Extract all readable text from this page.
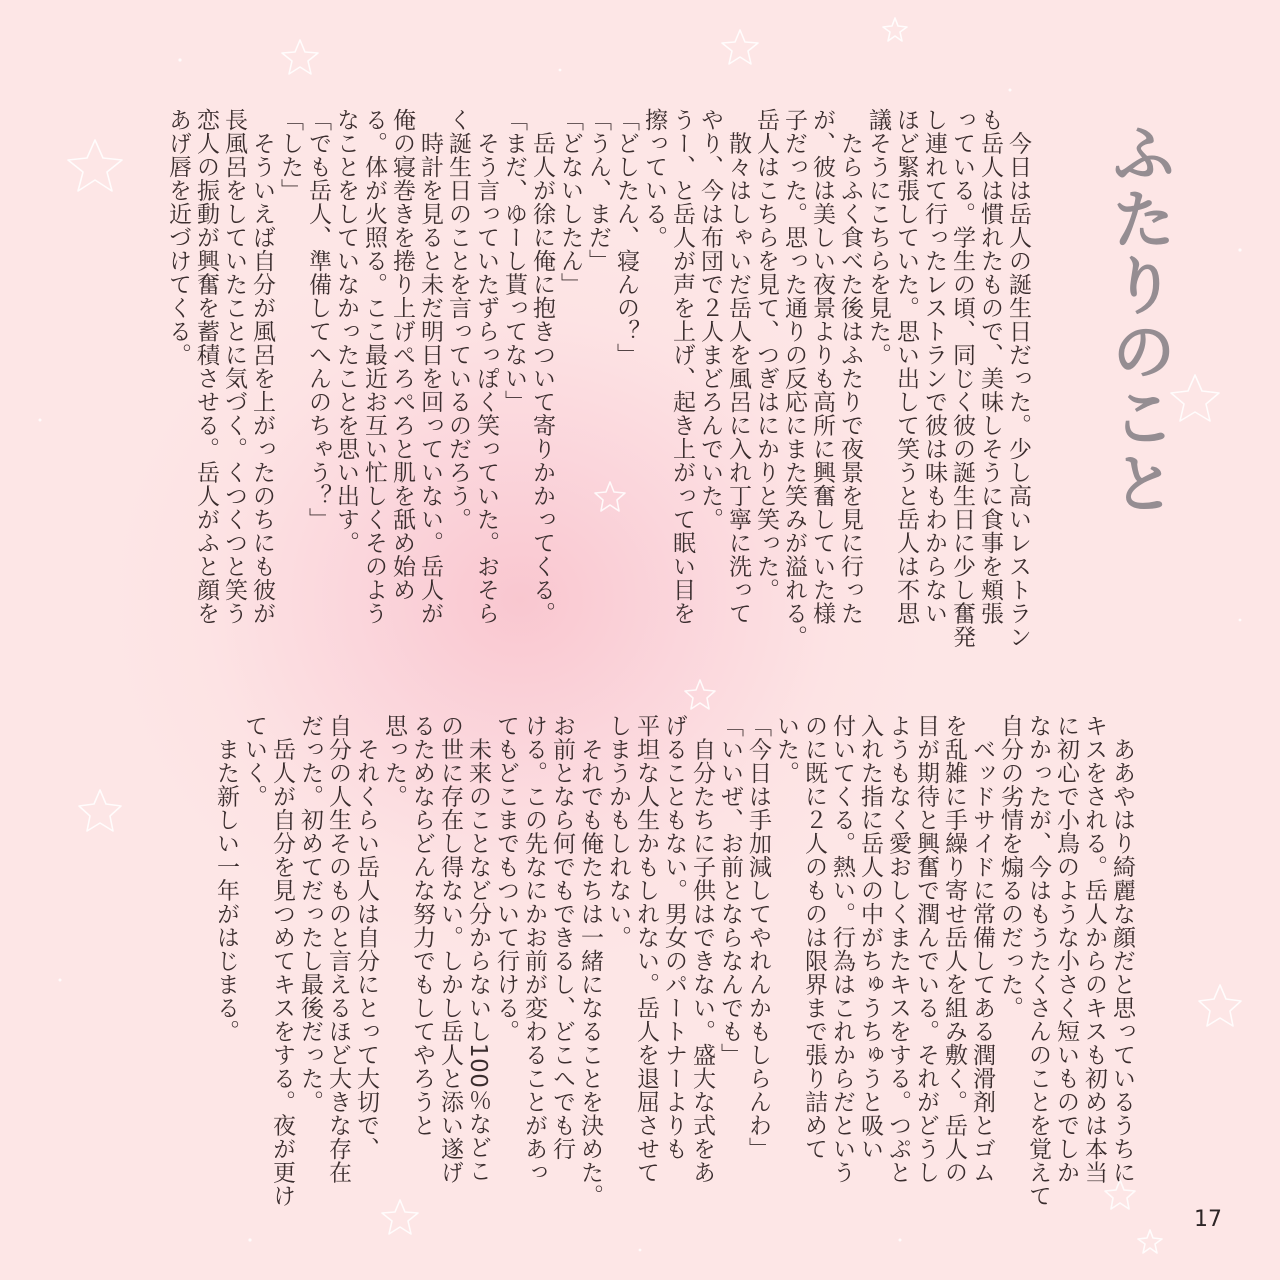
ふたりのこと

　今日は岳人の誕生日だった。少し高いレストラン

も岳人は慣れたもので、美味しそうに食事を頬張

っている。学生の頃、同じく彼の誕生日に少し奮発

し連れて行ったレストランで彼は味もわからない

ほど緊張していた。思い出して笑うと岳人は不思

議そうにこちらを見た。

　たらふく食べた後はふたりで夜景を見に行った

が、彼は美しい夜景よりも高所に興奮していた様

子だった。思った通りの反応にまた笑みが溢れる。

岳人はこちらを見て、つぎはにかりと笑った。

　散々はしゃいだ岳人を風呂に入れ丁寧に洗って

やり、今は布団で２人まどろんでいた。

うー、と岳人が声を上げ、起き上がって眠い目を

擦っている。

「どしたん、寝んの？」

「うん、まだ」

「どないしたん」

　岳人が徐に俺に抱きついて寄りかかってくる。

「まだ、ゆーし貰ってない」

　そう言っていたずらっぽく笑っていた。おそら

く誕生日のことを言っているのだろう。

　時計を見ると未だ明日を回っていない。岳人が

俺の寝巻きを捲り上げぺろぺろと肌を舐め始め

る。体が火照る。ここ最近お互い忙しくそのよう

なことをしていなかったことを思い出す。

「でも岳人、準備してへんのちゃう？」

「した」

　そういえば自分が風呂を上がったのちにも彼が

長風呂をしていたことに気づく。くつくつと笑う

恋人の振動が興奮を蓄積させる。岳人がふと顔を

あげ唇を近づけてくる。

　ああやはり綺麗な顔だと思っているうちに

キスをされる。岳人からのキスも初めは本当

に初心で小鳥のような小さく短いものでしか

なかったが、今はもうたくさんのことを覚えて

自分の劣情を煽るのだった。

　ベッドサイドに常備してある潤滑剤とゴム

を乱雑に手繰り寄せ岳人を組み敷く。岳人の

目が期待と興奮で潤んでいる。それがどうし

ようもなく愛おしくまたキスをする。つぷと

入れた指に岳人の中がちゅうちゅうと吸い

付いてくる。熱い。行為はこれからだという

のに既に２人のものは限界まで張り詰めて

いた。

「今日は手加減してやれんかもしらんわ」

「いいぜ、お前とならなんでも」

　自分たちに子供はできない。盛大な式をあ

げることもない。男女のパートナーよりも

平坦な人生かもしれない。岳人を退屈させて

しまうかもしれない。

　それでも俺たちは一緒になることを決めた。

お前となら何でもできるし、どこへでも行

ける。この先なにかお前が変わることがあっ

てもどこまでもついて行ける。

　未来のことなど分からないし100％などこ

の世に存在し得ない。しかし岳人と添い遂げ

るためならどんな努力でもしてやろうと

思った。

　それくらい岳人は自分にとって大切で、

自分の人生そのものと言えるほど大きな存在

だった。初めてだったし最後だった。

　岳人が自分を見つめてキスをする。夜が更け

ていく。

　また新しい一年がはじまる。

17
